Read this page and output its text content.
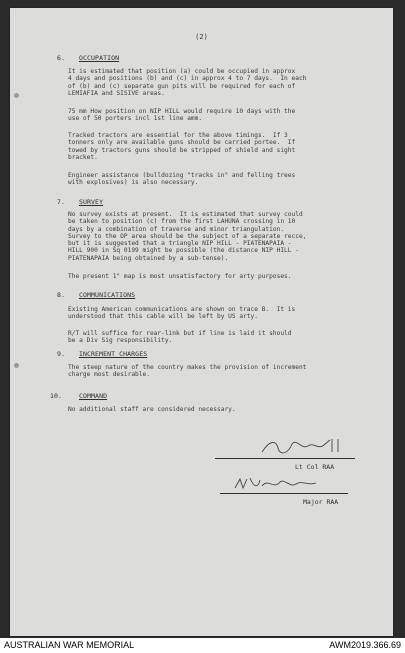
(2)
6. OCCUPATION
It is estimated that position (a) could be occupied in approx
4 days and positions (b) and (c) in approx 4 to 7 days.  In each
of (b) and (c) separate gun pits will be required for each of
LEMIAFIA and SISIVE areas.
75 mm How position on NIP HILL would require 10 days with the
use of 50 porters incl 1st line amm.
Tracked tractors are essential for the above timings.  If 3
tonners only are available guns should be carried portee.  If
towed by tractors guns should be stripped of shield and sight
bracket.
Engineer assistance (bulldozing "tracks in" and felling trees
with explosives) is also necessary.
7. SURVEY
No survey exists at present.  It is estimated that survey could
be taken to position (c) from the first LAHUNA crossing in 10
days by a combination of traverse and minor triangulation.
Survey to the OP area should be the subject of a separate recce,
but it is suggested that a triangle NIP HILL - PIATENAPAIA -
HILL 900 in Sq 0199 might be possible (the distance NIP HILL -
PIATENAPAIA being obtained by a sub-tense).
The present 1" map is most unsatisfactory for arty purposes.
8. COMMUNICATIONS
Existing American communications are shown on trace B.  It is
understood that this cable will be left by US arty.
R/T will suffice for rear-link but if line is laid it should
be a Div Sig responsibility.
9. INCREMENT CHARGES
The steep nature of the country makes the provision of increment
charge most desirable.
10.	COMMAND
No additional staff are considered necessary.
Lt Col RAA
Major RAA
AUSTRALIAN WAR MEMORIAL	AWM2019.366.69
